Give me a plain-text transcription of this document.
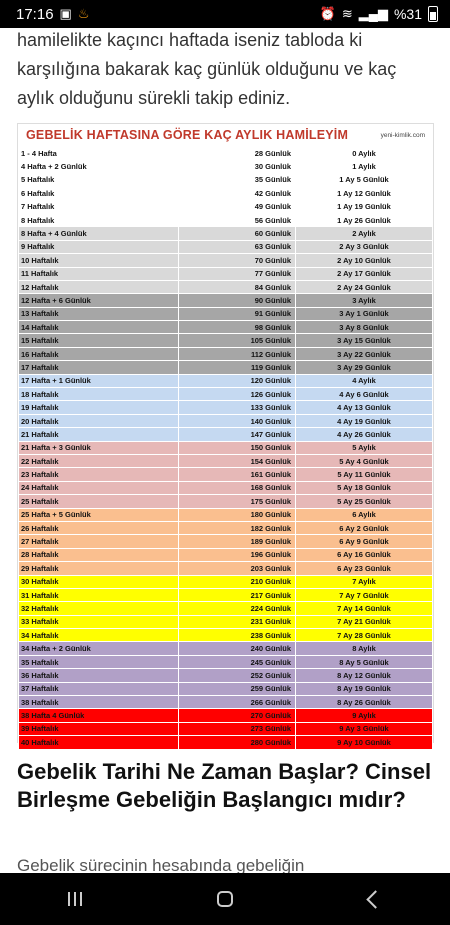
17:16 ▣ ♨	⏰ ≋ ▂▄▆ %31
hamilelikte kaçıncı haftada iseniz tabloda ki karşılığına bakarak kaç günlük olduğunu ve kaç aylık olduğunu sürekli takip ediniz.
GEBELİK HAFTASINA GÖRE KAÇ AYLIK HAMİLEYİM	yeni-kimlik.com
1 - 4 Hafta	28 Günlük	0 Aylık
4 Hafta + 2 Günlük	30 Günlük	1 Aylık
5 Haftalık	35 Günlük	1 Ay 5 Günlük
6 Haftalık	42 Günlük	1 Ay 12 Günlük
7 Haftalık	49 Günlük	1 Ay 19 Günlük
8 Haftalık	56 Günlük	1 Ay 26 Günlük
8 Hafta + 4 Günlük	60 Günlük	2 Aylık
9 Haftalık	63 Günlük	2 Ay 3 Günlük
10 Haftalık	70 Günlük	2 Ay 10 Günlük
11 Haftalık	77 Günlük	2 Ay 17 Günlük
12 Haftalık	84 Günlük	2 Ay 24 Günlük
12 Hafta + 6 Günlük	90 Günlük	3 Aylık
13 Haftalık	91 Günlük	3 Ay 1 Günlük
14 Haftalık	98 Günlük	3 Ay 8 Günlük
15 Haftalık	105 Günlük	3 Ay 15 Günlük
16 Haftalık	112 Günlük	3 Ay 22 Günlük
17 Haftalık	119 Günlük	3 Ay 29 Günlük
17 Hafta + 1 Günlük	120 Günlük	4 Aylık
18 Haftalık	126 Günlük	4 Ay 6 Günlük
19 Haftalık	133 Günlük	4 Ay 13 Günlük
20 Haftalık	140 Günlük	4 Ay 19 Günlük
21 Haftalık	147 Günlük	4 Ay 26 Günlük
21 Hafta + 3 Günlük	150 Günlük	5 Aylık
22 Haftalık	154 Günlük	5 Ay 4 Günlük
23 Haftalık	161 Günlük	5 Ay 11 Günlük
24 Haftalık	168 Günlük	5 Ay 18 Günlük
25 Haftalık	175 Günlük	5 Ay 25 Günlük
25 Hafta + 5 Günlük	180 Günlük	6 Aylık
26 Haftalık	182 Günlük	6 Ay 2 Günlük
27 Haftalık	189 Günlük	6 Ay 9 Günlük
28 Haftalık	196 Günlük	6 Ay 16 Günlük
29 Haftalık	203 Günlük	6 Ay 23 Günlük
30 Haftalık	210 Günlük	7 Aylık
31 Haftalık	217 Günlük	7 Ay 7 Günlük
32 Haftalık	224 Günlük	7 Ay 14 Günlük
33 Haftalık	231 Günlük	7 Ay 21 Günlük
34 Haftalık	238 Günlük	7 Ay 28 Günlük
34 Hafta + 2 Günlük	240 Günlük	8 Aylık
35 Haftalık	245 Günlük	8 Ay 5 Günlük
36 Haftalık	252 Günlük	8 Ay 12 Günlük
37 Haftalık	259 Günlük	8 Ay 19 Günlük
38 Haftalık	266 Günlük	8 Ay 26 Günlük
38 Hafta 4 Günlük	270 Günlük	9 Aylık
39 Haftalık	273 Günlük	9 Ay 3 Günlük
40 Haftalık	280 Günlük	9 Ay 10 Günlük
Gebelik Tarihi Ne Zaman Başlar? Cinsel Birleşme Gebeliğin Başlangıcı mıdır?
Gebelik sürecinin hesabında gebeliğin
